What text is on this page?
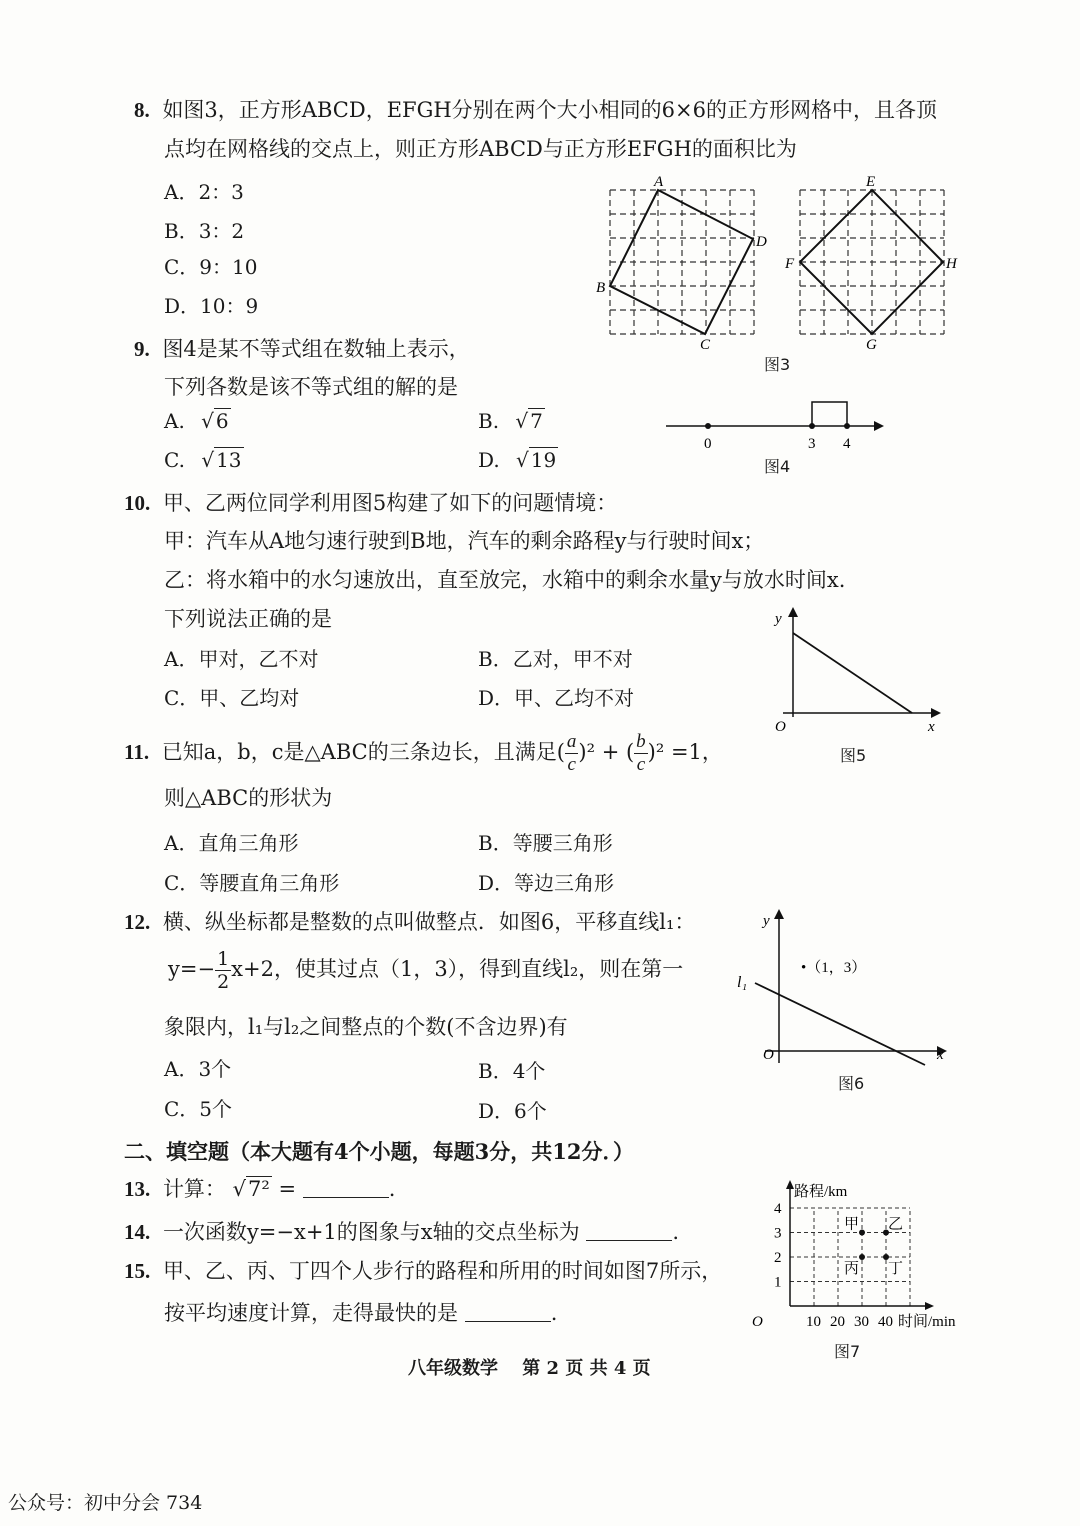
8. 如图3，正方形ABCD，EFGH分别在两个大小相同的6×6的正方形网格中，且各顶
点均在网格线的交点上，则正方形ABCD与正方形EFGH的面积比为
A．2：3
B．3：2
C．9：10
D．10：9
A
B
C
D
E
F
G
H
图3
9. 图4是某不等式组在数轴上表示，
下列各数是该不等式组的解的是
A. √ 6	B. √ 7
C. √ 13	D. √ 19
0	3 4
图4
10. 甲、乙两位同学利用图5构建了如下的问题情境：
甲：汽车从A地匀速行驶到B地，汽车的剩余路程y与行驶时间x；
乙：将水箱中的水匀速放出，直至放完，水箱中的剩余水量y与放水时间x.
下列说法正确的是
A．甲对，乙不对	B．乙对，甲不对
C．甲、乙均对	D．甲、乙均不对
y
O	x
图5
11. 已知a，b，c是△ABC的三条边长，且满足( $\frac{a}{c} )^2$ + ( $\frac{b}{c} )^2 =1$，
则△ABC的形状为
A．直角三角形	B．等腰三角形
C．等腰直角三角形	D．等边三角形
12. 横、纵坐标都是整数的点叫做整点．如图6，平移直线l₁：
$y=- \frac{1}{2} x+2$，使其过点（1，3），得到直线l₂，则在第一
象限内，l₁与l₂之间整点的个数(不含边界)有
A．3个	B．4个
C．5个	D．6个
•（1，3）
l₁
y
O	x
图6
二、填空题（本大题有4个小题，每题3分，共12分．）
13. 计算： √7² =	.
14. 一次函数y=−x+1的图象与x轴的交点坐标为	.
15. 甲、乙、丙、丁四个人步行的路程和所用的时间如图7所示，
按平均速度计算，走得最快的是	.
路程/km
时间/min
O
1
2
3
4
10 20 30 40
甲 乙
丙 丁
图7
八年级数学　 第 2 页 共 4 页
公众号：初中分会 734
